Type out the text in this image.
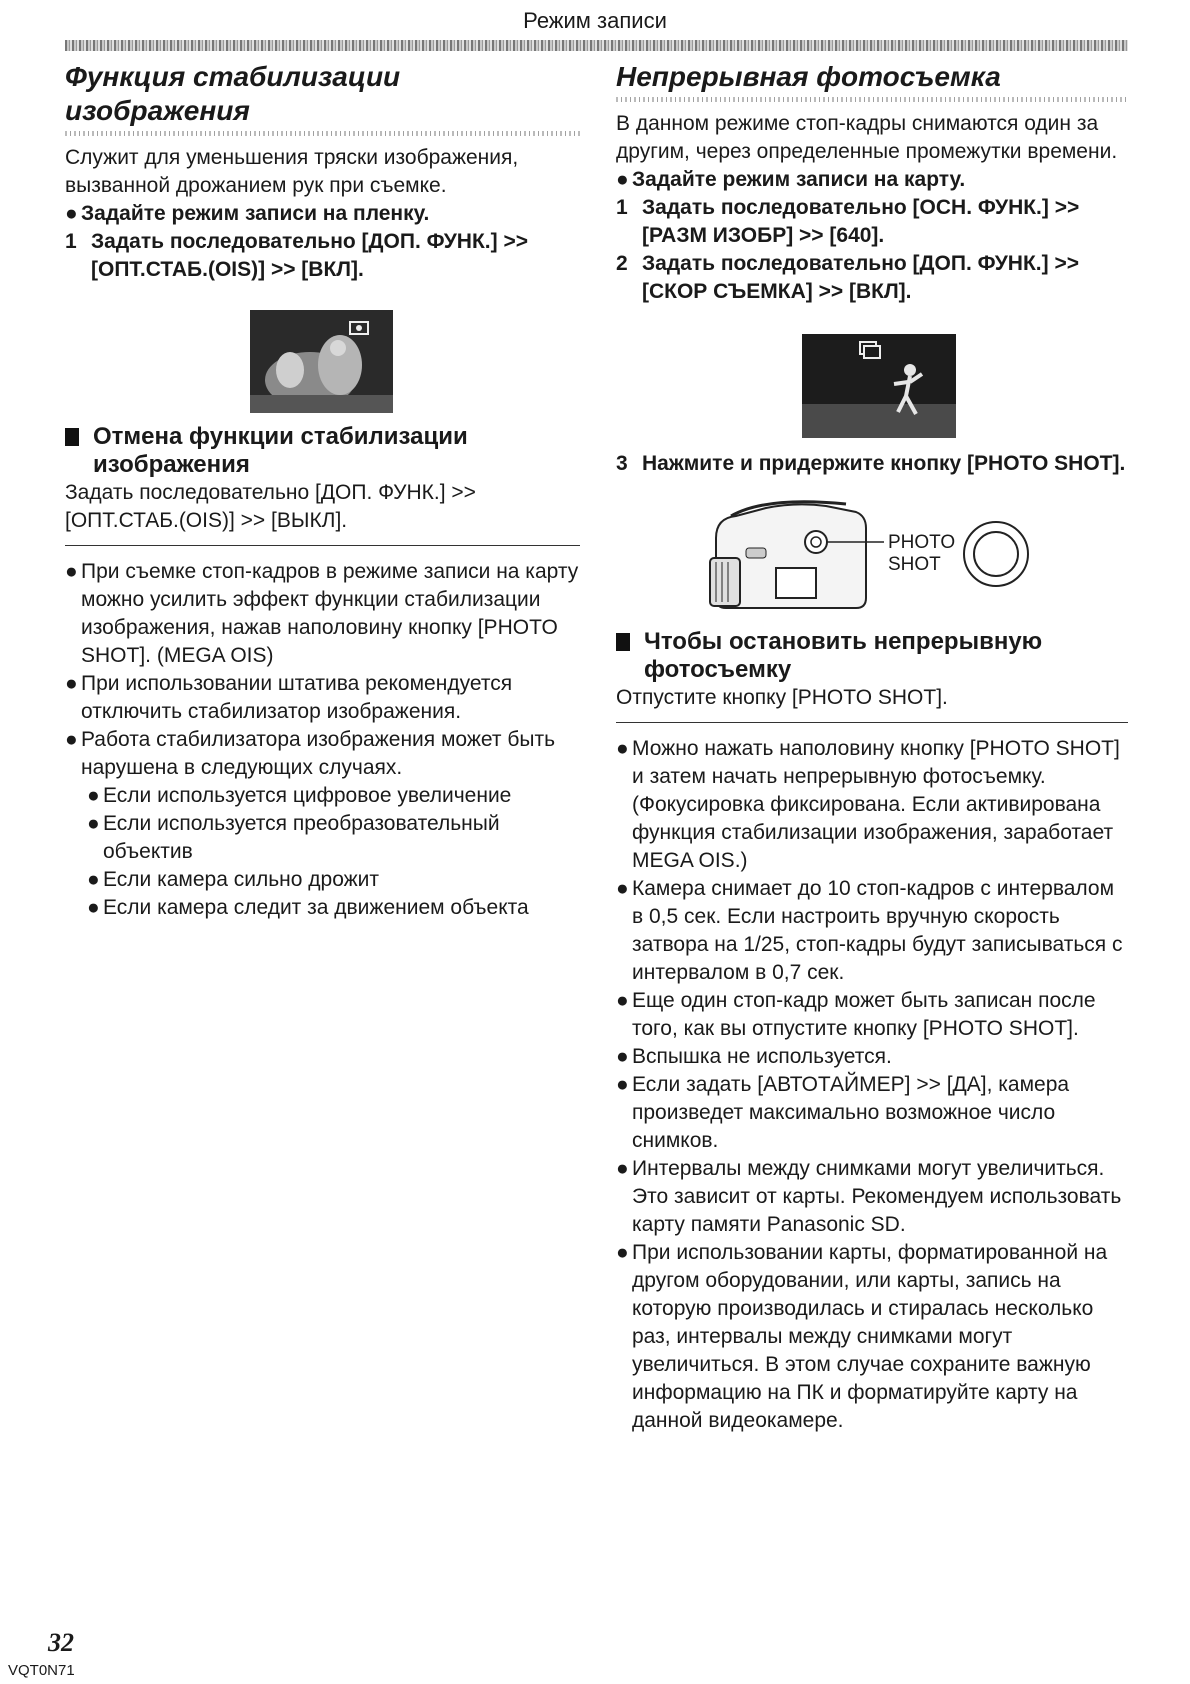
Режим записи
Функция стабилизации изображения

Служит для уменьшения тряски изображения, вызванной дрожанием рук при съемке.

● Задайте режим записи на пленку.
1 Задать последовательно [ДОП. ФУНК.] >> [ОПТ.СТАБ.(OIS)] >> [ВКЛ].
Отмена функции стабилизации изображения

Задать последовательно [ДОП. ФУНК.] >> [ОПТ.СТАБ.(OIS)] >> [ВЫКЛ].

● При съемке стоп-кадров в режиме записи на карту можно усилить эффект функции стабилизации изображения, нажав наполовину кнопку [PHOTO SHOT]. (MEGA OIS)
● При использовании штатива рекомендуется отключить стабилизатор изображения.
● Работа стабилизатора изображения может быть нарушена в следующих случаях.
● Если используется цифровое увеличение
● Если используется преобразовательный объектив
● Если камера сильно дрожит
● Если камера следит за движением объекта
Непрерывная фотосъемка

В данном режиме стоп-кадры снимаются один за другим, через определенные промежутки времени.

● Задайте режим записи на карту.
1 Задать последовательно [ОСН. ФУНК.] >> [РАЗМ ИЗОБР] >> [640].
2 Задать последовательно [ДОП. ФУНК.] >> [СКОР СЪЕМКА] >> [ВКЛ].
3 Нажмите и придержите кнопку [PHOTO SHOT].
PHOTO
SHOT
Чтобы остановить непрерывную фотосъемку

Отпустите кнопку [PHOTO SHOT].

● Можно нажать наполовину кнопку [PHOTO SHOT] и затем начать непрерывную фотосъемку. (Фокусировка фиксирована. Если активирована функция стабилизации изображения, заработает MEGA OIS.)
● Камера снимает до 10 стоп-кадров с интервалом в 0,5 сек. Если настроить вручную скорость затвора на 1/25, стоп-кадры будут записываться с интервалом в 0,7 сек.
● Еще один стоп-кадр может быть записан после того, как вы отпустите кнопку [PHOTO SHOT].
● Вспышка не используется.
● Если задать [АВТОТАЙМЕР] >> [ДА], камера произведет максимально возможное число снимков.
● Интервалы между снимками могут увеличиться. Это зависит от карты. Рекомендуем использовать карту памяти Panasonic SD.
● При использовании карты, форматированной на другом оборудовании, или карты, запись на которую производилась и стиралась несколько раз, интервалы между снимками могут увеличиться. В этом случае сохраните важную информацию на ПК и форматируйте карту на данной видеокамере.
32
VQT0N71
